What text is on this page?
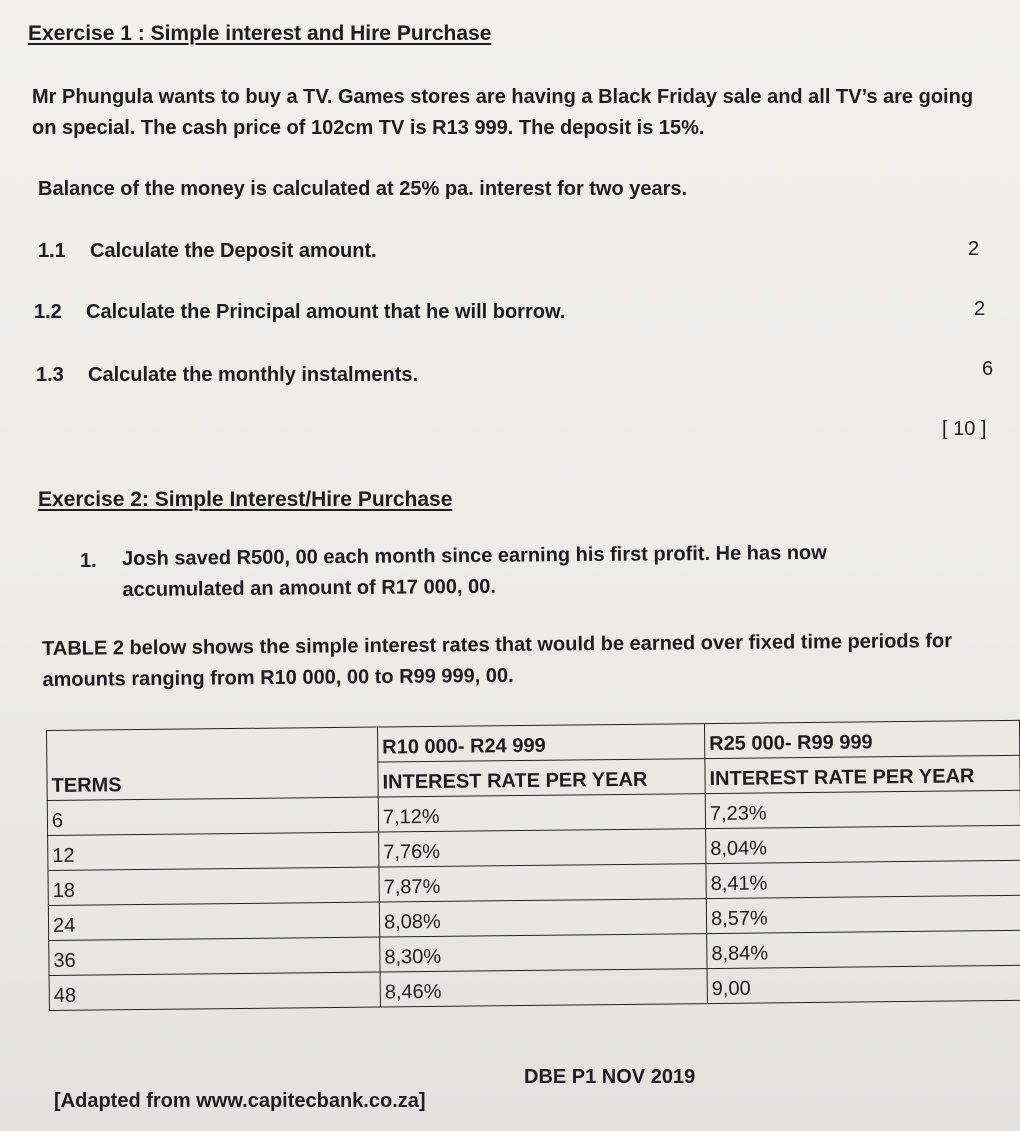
Exercise 1 : Simple interest and Hire Purchase
Mr Phungula wants to buy a TV. Games stores are having a Black Friday sale and all TV’s are going on special. The cash price of 102cm TV is R13 999. The deposit is 15%.
Balance of the money is calculated at 25% pa. interest for two years.
1.1 Calculate the Deposit amount.	2
1.2 Calculate the Principal amount that he will borrow.	2
1.3 Calculate the monthly instalments.	6
[ 10 ]
Exercise 2: Simple Interest/Hire Purchase
1. Josh saved R500, 00 each month since earning his first profit. He has now accumulated an amount of R17 000, 00.
TABLE 2 below shows the simple interest rates that would be earned over fixed time periods for amounts ranging from R10 000, 00 to R99 999, 00.
TERMS	R10 000- R24 999	R25 000- R99 999
	INTEREST RATE PER YEAR	INTEREST RATE PER YEAR
6	7,12%	7,23%
12	7,76%	8,04%
18	7,87%	8,41%
24	8,08%	8,57%
36	8,30%	8,84%
48	8,46%	9,00
[Adapted from www.capitecbank.co.za]
DBE P1 NOV 2019
